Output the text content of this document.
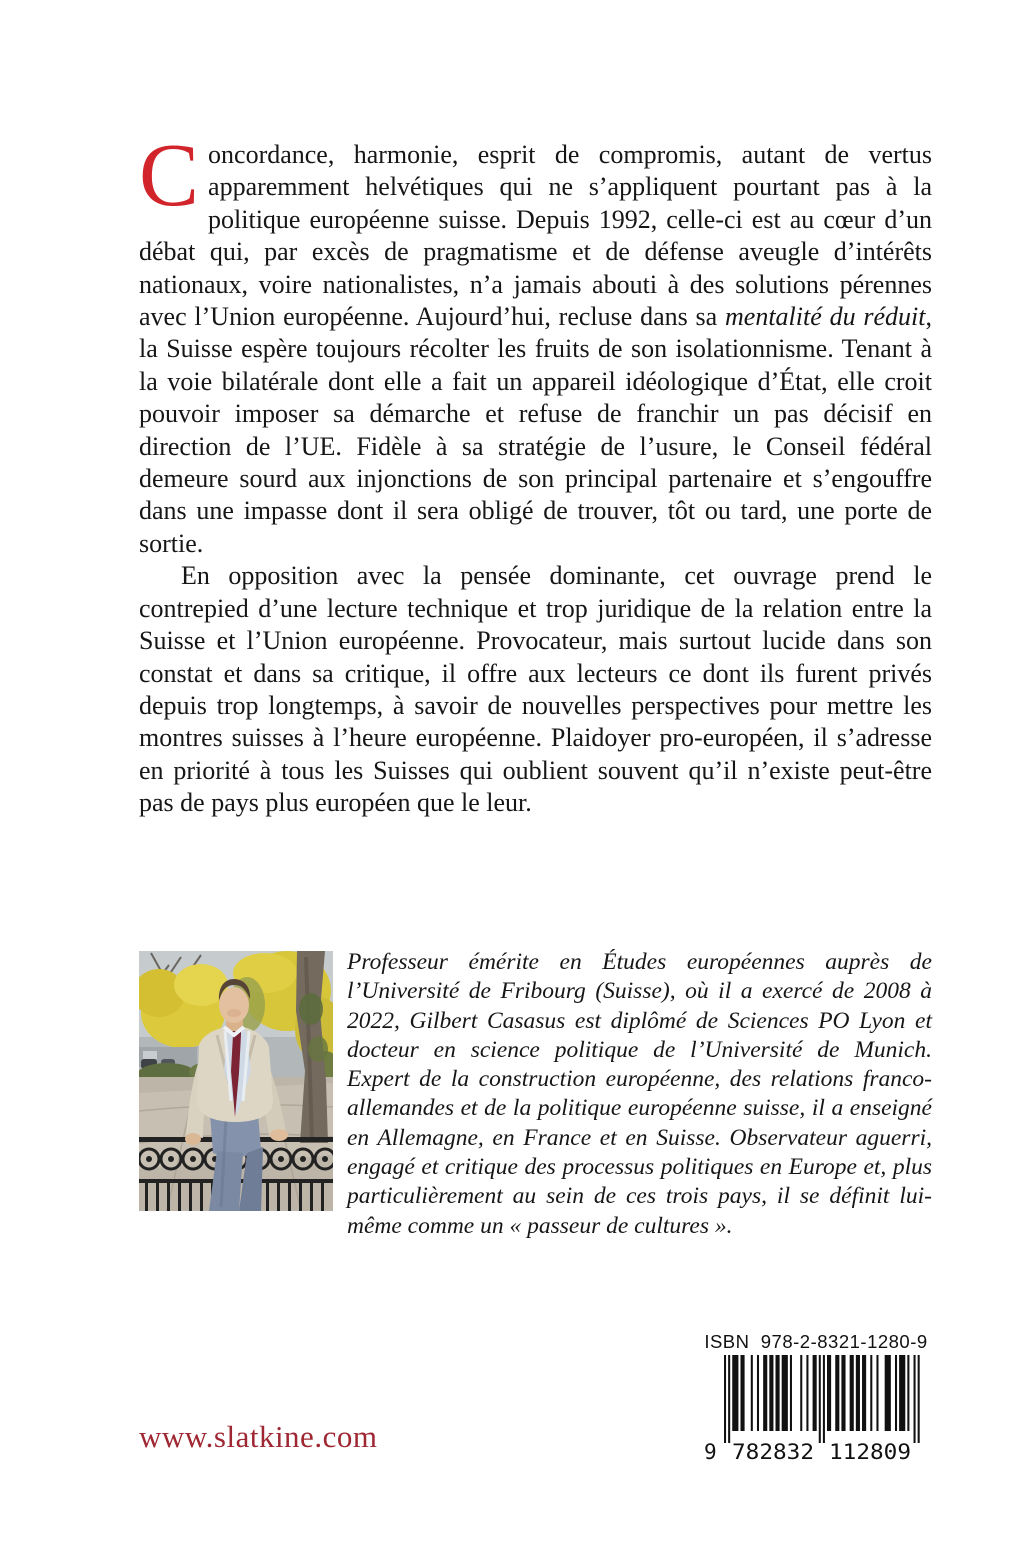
Concordance, harmonie, esprit de compromis, autant de vertus apparemment helvétiques qui ne s’appliquent pourtant pas à la politique européenne suisse. Depuis 1992, celle-ci est au cœur d’un débat qui, par excès de pragmatisme et de défense aveugle d’intérêts nationaux, voire nationalistes, n’a jamais abouti à des solutions pérennes avec l’Union européenne. Aujourd’hui, recluse dans sa mentalité du réduit, la Suisse espère toujours récolter les fruits de son isolationnisme. Tenant à la voie bilatérale dont elle a fait un appareil idéologique d’État, elle croit pouvoir imposer sa démarche et refuse de franchir un pas décisif en direction de l’UE. Fidèle à sa stratégie de l’usure, le Conseil fédéral demeure sourd aux injonctions de son principal partenaire et s’engouffre dans une impasse dont il sera obligé de trouver, tôt ou tard, une porte de sortie.

En opposition avec la pensée dominante, cet ouvrage prend le contrepied d’une lecture technique et trop juridique de la relation entre la Suisse et l’Union européenne. Provocateur, mais surtout lucide dans son constat et dans sa critique, il offre aux lecteurs ce dont ils furent privés depuis trop longtemps, à savoir de nouvelles perspectives pour mettre les montres suisses à l’heure européenne. Plaidoyer pro-européen, il s’adresse en priorité à tous les Suisses qui oublient souvent qu’il n’existe peut-être pas de pays plus européen que le leur.

Professeur émérite en Études européennes auprès de l’Université de Fribourg (Suisse), où il a exercé de 2008 à 2022, Gilbert Casasus est diplômé de Sciences PO Lyon et docteur en science politique de l’Université de Munich. Expert de la construction européenne, des relations franco-allemandes et de la politique européenne suisse, il a enseigné en Allemagne, en France et en Suisse. Observateur aguerri, engagé et critique des processus politiques en Europe et, plus particulièrement au sein de ces trois pays, il se définit lui-même comme un « passeur de cultures ».

www.slatkine.com
ISBN  978-2-8321-1280-9
9 782832 112809
